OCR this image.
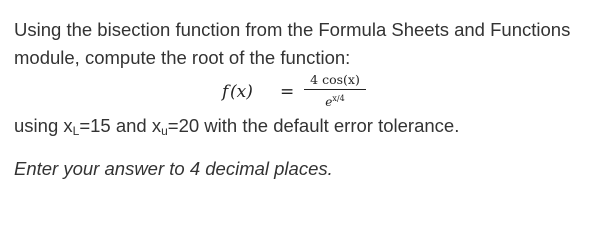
Using the bisection function from the Formula Sheets and Functions
module, compute the root of the function:
f  (x) =
4 cos(x)
$e^{x/4}$
using $x_L=15$ and $x_u=20$ with the default error tolerance.
Enter your answer to 4 decimal places.
